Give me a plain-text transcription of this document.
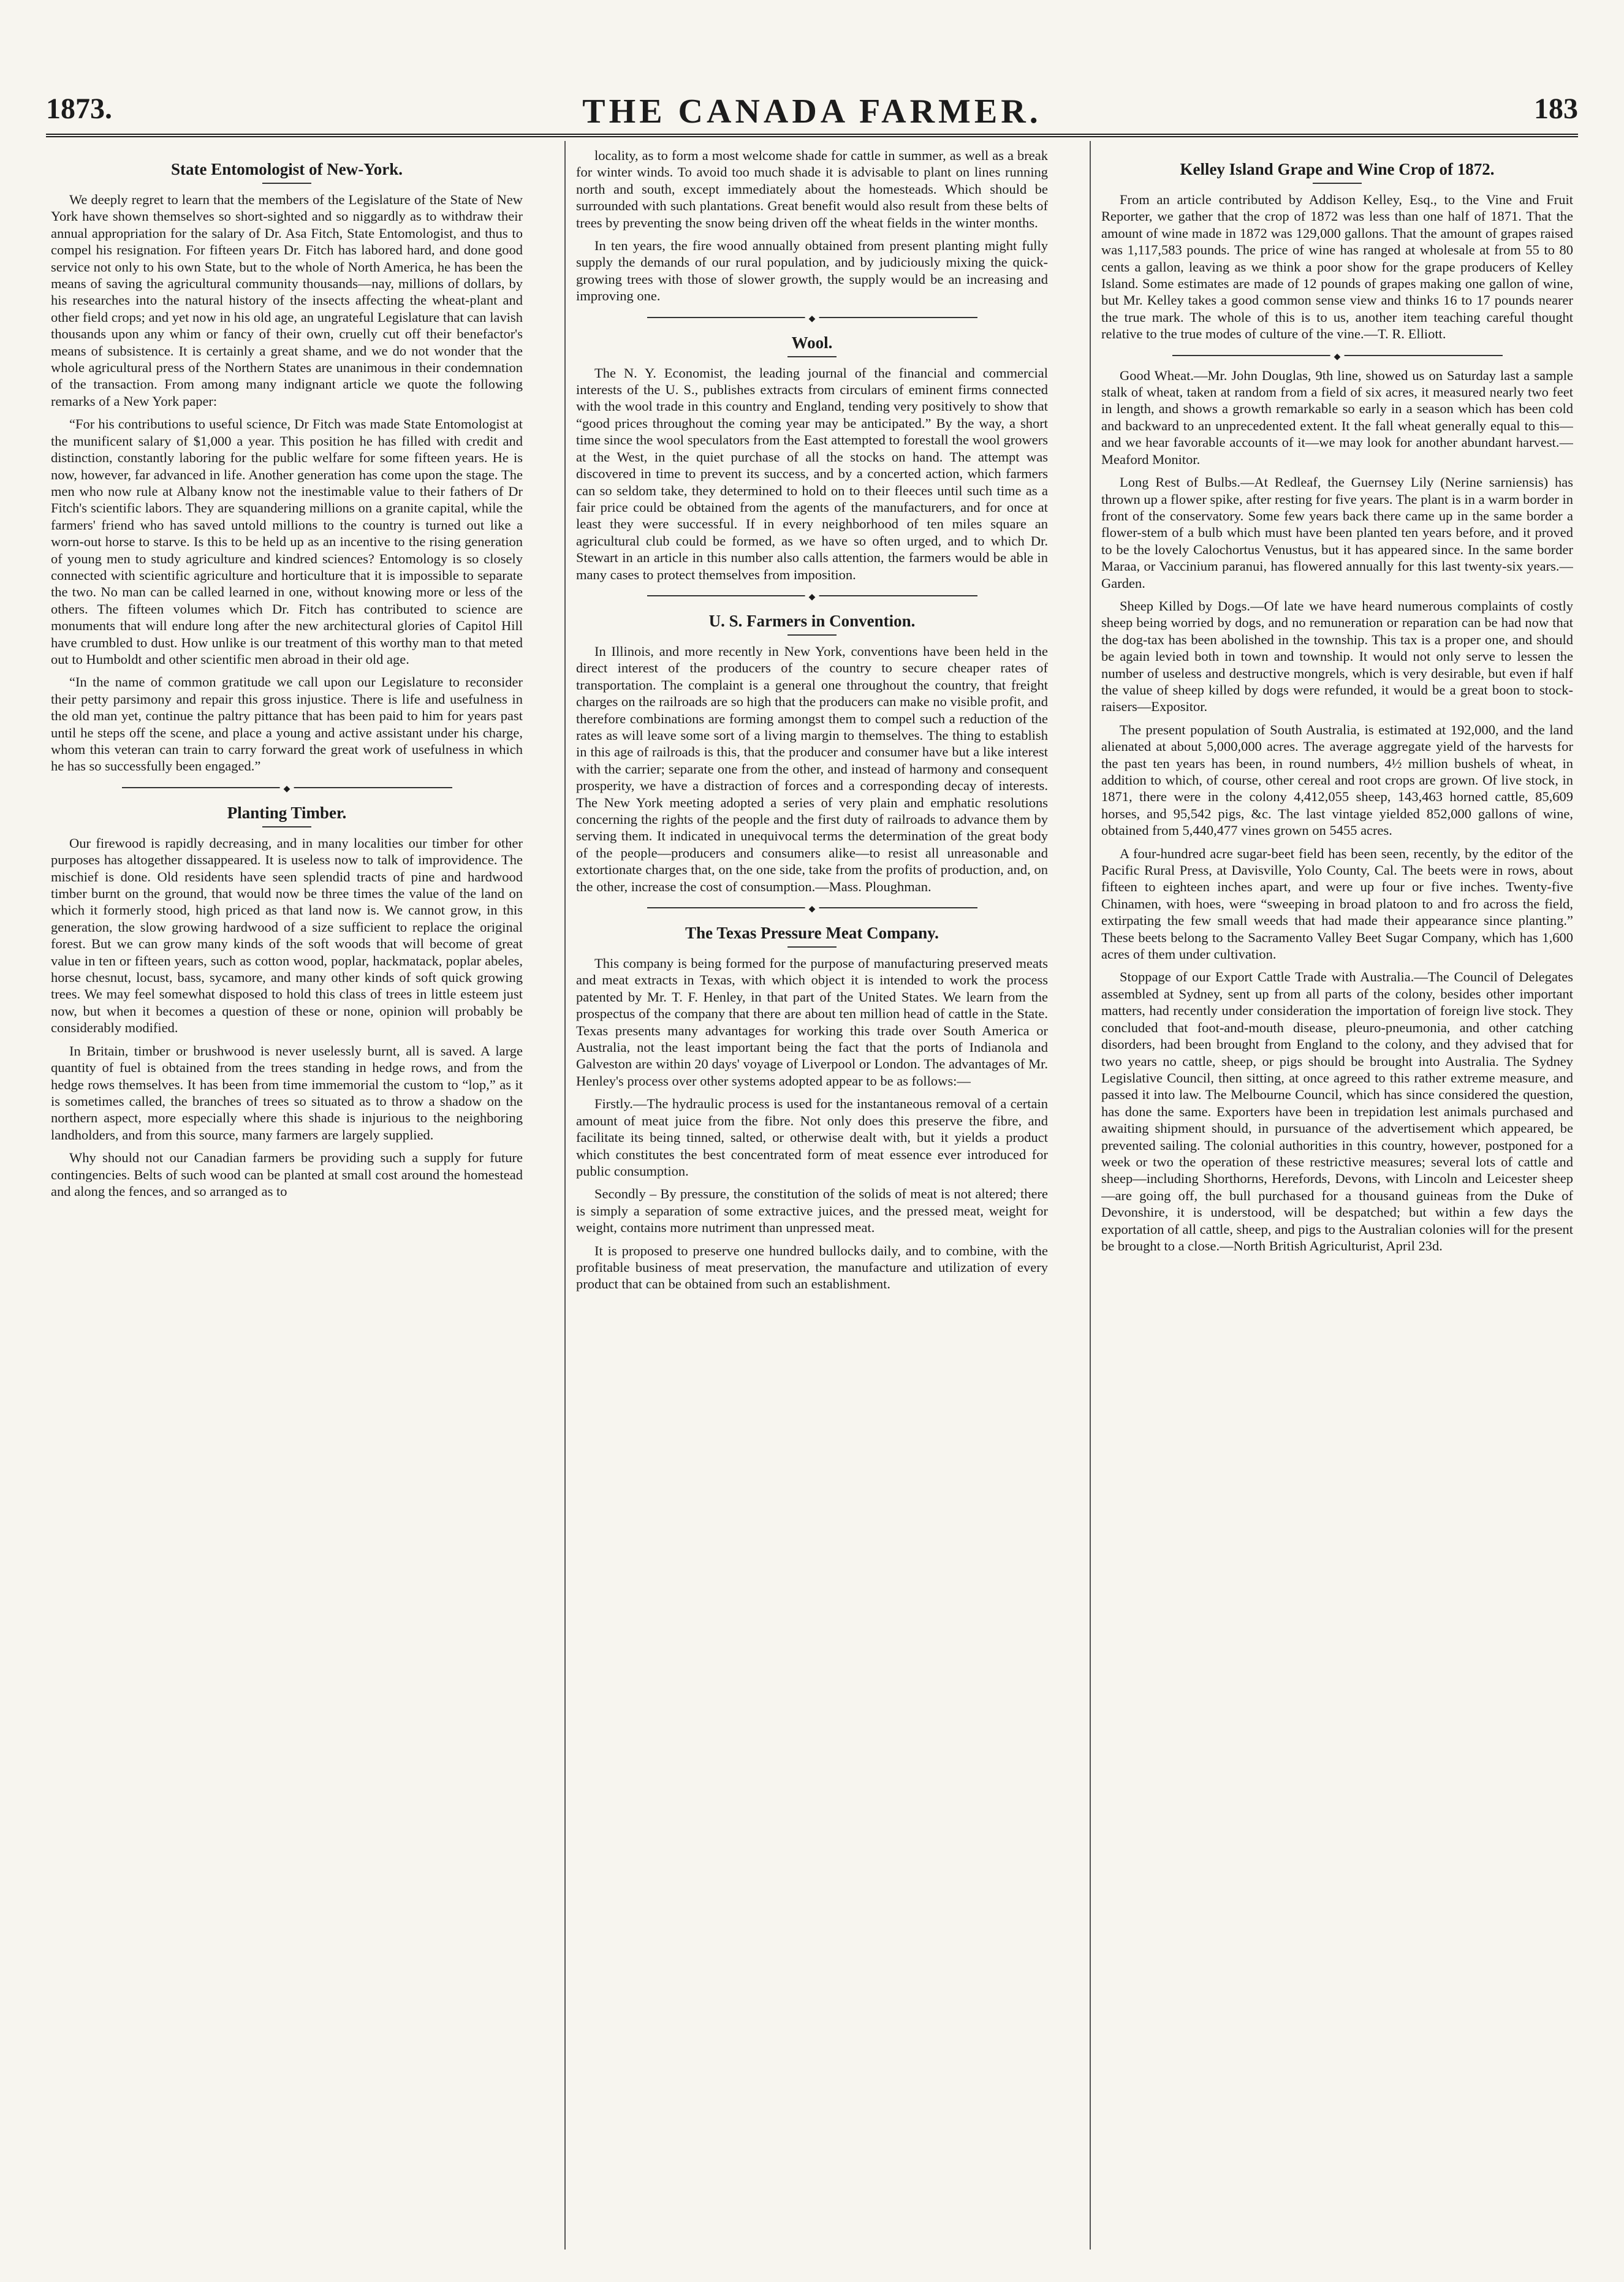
1873.	THE CANADA FARMER.	183
State Entomologist of New-York.

We deeply regret to learn that the members of the Legislature of the State of New York have shown themselves so short-sighted and so niggardly as to withdraw their annual appropriation for the salary of Dr. Asa Fitch, State Entomologist, and thus to compel his resignation. For fifteen years Dr. Fitch has labored hard, and done good service not only to his own State, but to the whole of North America, he has been the means of saving the agricultural community thousands—nay, millions of dollars, by his researches into the natural history of the insects affecting the wheat-plant and other field crops; and yet now in his old age, an ungrateful Legislature that can lavish thousands upon any whim or fancy of their own, cruelly cut off their benefactor's means of subsistence. It is certainly a great shame, and we do not wonder that the whole agricultural press of the Northern States are unanimous in their condemnation of the transaction. From among many indignant article we quote the following remarks of a New York paper:

“For his contributions to useful science, Dr Fitch was made State Entomologist at the munificent salary of $1,000 a year. This position he has filled with credit and distinction, constantly laboring for the public welfare for some fifteen years. He is now, however, far advanced in life. Another generation has come upon the stage. The men who now rule at Albany know not the inestimable value to their fathers of Dr Fitch's scientific labors. They are squandering millions on a granite capital, while the farmers' friend who has saved untold millions to the country is turned out like a worn-out horse to starve. Is this to be held up as an incentive to the rising generation of young men to study agriculture and kindred sciences? Entomology is so closely connected with scientific agriculture and horticulture that it is impossible to separate the two. No man can be called learned in one, without knowing more or less of the others. The fifteen volumes which Dr. Fitch has contributed to science are monuments that will endure long after the new architectural glories of Capitol Hill have crumbled to dust. How unlike is our treatment of this worthy man to that meted out to Humboldt and other scientific men abroad in their old age.

“In the name of common gratitude we call upon our Legislature to reconsider their petty parsimony and repair this gross injustice. There is life and usefulness in the old man yet, continue the paltry pittance that has been paid to him for years past until he steps off the scene, and place a young and active assistant under his charge, whom this veteran can train to carry forward the great work of usefulness in which he has so successfully been engaged.”

◆
Planting Timber.

Our firewood is rapidly decreasing, and in many localities our timber for other purposes has altogether dissappeared. It is useless now to talk of improvidence. The mischief is done. Old residents have seen splendid tracts of pine and hardwood timber burnt on the ground, that would now be three times the value of the land on which it formerly stood, high priced as that land now is. We cannot grow, in this generation, the slow growing hardwood of a size sufficient to replace the original forest. But we can grow many kinds of the soft woods that will become of great value in ten or fifteen years, such as cotton wood, poplar, hackmatack, poplar abeles, horse chesnut, locust, bass, sycamore, and many other kinds of soft quick growing trees. We may feel somewhat disposed to hold this class of trees in little esteem just now, but when it becomes a question of these or none, opinion will probably be considerably modified.

In Britain, timber or brushwood is never uselessly burnt, all is saved. A large quantity of fuel is obtained from the trees standing in hedge rows, and from the hedge rows themselves. It has been from time immemorial the custom to “lop,” as it is sometimes called, the branches of trees so situated as to throw a shadow on the northern aspect, more especially where this shade is injurious to the neighboring landholders, and from this source, many farmers are largely supplied.

Why should not our Canadian farmers be providing such a supply for future contingencies. Belts of such wood can be planted at small cost around the homestead and along the fences, and so arranged as to

locality, as to form a most welcome shade for cattle in summer, as well as a break for winter winds. To avoid too much shade it is advisable to plant on lines running north and south, except immediately about the homesteads. Which should be surrounded with such plantations. Great benefit would also result from these belts of trees by preventing the snow being driven off the wheat fields in the winter months.

In ten years, the fire wood annually obtained from present planting might fully supply the demands of our rural population, and by judiciously mixing the quick-growing trees with those of slower growth, the supply would be an increasing and improving one.

◆
Wool.

The N. Y. Economist, the leading journal of the financial and commercial interests of the U. S., publishes extracts from circulars of eminent firms connected with the wool trade in this country and England, tending very positively to show that “good prices throughout the coming year may be anticipated.” By the way, a short time since the wool speculators from the East attempted to forestall the wool growers at the West, in the quiet purchase of all the stocks on hand. The attempt was discovered in time to prevent its success, and by a concerted action, which farmers can so seldom take, they determined to hold on to their fleeces until such time as a fair price could be obtained from the agents of the manufacturers, and for once at least they were successful. If in every neighborhood of ten miles square an agricultural club could be formed, as we have so often urged, and to which Dr. Stewart in an article in this number also calls attention, the farmers would be able in many cases to protect themselves from imposition.

◆
U. S. Farmers in Convention.

In Illinois, and more recently in New York, conventions have been held in the direct interest of the producers of the country to secure cheaper rates of transportation. The complaint is a general one throughout the country, that freight charges on the railroads are so high that the producers can make no visible profit, and therefore combinations are forming amongst them to compel such a reduction of the rates as will leave some sort of a living margin to themselves. The thing to establish in this age of railroads is this, that the producer and consumer have but a like interest with the carrier; separate one from the other, and instead of harmony and consequent prosperity, we have a distraction of forces and a corresponding decay of interests. The New York meeting adopted a series of very plain and emphatic resolutions concerning the rights of the people and the first duty of railroads to advance them by serving them. It indicated in unequivocal terms the determination of the great body of the people—producers and consumers alike—to resist all unreasonable and extortionate charges that, on the one side, take from the profits of production, and, on the other, increase the cost of consumption.—Mass. Ploughman.

◆
The Texas Pressure Meat Company.

This company is being formed for the purpose of manufacturing preserved meats and meat extracts in Texas, with which object it is intended to work the process patented by Mr. T. F. Henley, in that part of the United States. We learn from the prospectus of the company that there are about ten million head of cattle in the State. Texas presents many advantages for working this trade over South America or Australia, not the least important being the fact that the ports of Indianola and Galveston are within 20 days' voyage of Liverpool or London. The advantages of Mr. Henley's process over other systems adopted appear to be as follows:—

Firstly.—The hydraulic process is used for the instantaneous removal of a certain amount of meat juice from the fibre. Not only does this preserve the fibre, and facilitate its being tinned, salted, or otherwise dealt with, but it yields a product which constitutes the best concentrated form of meat essence ever introduced for public consumption.

Secondly – By pressure, the constitution of the solids of meat is not altered; there is simply a separation of some extractive juices, and the pressed meat, weight for weight, contains more nutriment than unpressed meat.

It is proposed to preserve one hundred bullocks daily, and to combine, with the profitable business of meat preservation, the manufacture and utilization of every product that can be obtained from such an establishment.

Kelley Island Grape and Wine Crop of 1872.

From an article contributed by Addison Kelley, Esq., to the Vine and Fruit Reporter, we gather that the crop of 1872 was less than one half of 1871. That the amount of wine made in 1872 was 129,000 gallons. That the amount of grapes raised was 1,117,583 pounds. The price of wine has ranged at wholesale at from 55 to 80 cents a gallon, leaving as we think a poor show for the grape producers of Kelley Island. Some estimates are made of 12 pounds of grapes making one gallon of wine, but Mr. Kelley takes a good common sense view and thinks 16 to 17 pounds nearer the true mark. The whole of this is to us, another item teaching careful thought relative to the true modes of culture of the vine.—T. R. Elliott.

◆

Good Wheat.—Mr. John Douglas, 9th line, showed us on Saturday last a sample stalk of wheat, taken at random from a field of six acres, it measured nearly two feet in length, and shows a growth remarkable so early in a season which has been cold and backward to an unprecedented extent. It the fall wheat generally equal to this—and we hear favorable accounts of it—we may look for another abundant harvest.—Meaford Monitor.

Long Rest of Bulbs.—At Redleaf, the Guernsey Lily (Nerine sarniensis) has thrown up a flower spike, after resting for five years. The plant is in a warm border in front of the conservatory. Some few years back there came up in the same border a flower-stem of a bulb which must have been planted ten years before, and it proved to be the lovely Calochortus Venustus, but it has appeared since. In the same border Maraa, or Vaccinium paranui, has flowered annually for this last twenty-six years.—Garden.

Sheep Killed by Dogs.—Of late we have heard numerous complaints of costly sheep being worried by dogs, and no remuneration or reparation can be had now that the dog-tax has been abolished in the township. This tax is a proper one, and should be again levied both in town and township. It would not only serve to lessen the number of useless and destructive mongrels, which is very desirable, but even if half the value of sheep killed by dogs were refunded, it would be a great boon to stock-raisers—Expositor.

The present population of South Australia, is estimated at 192,000, and the land alienated at about 5,000,000 acres. The average aggregate yield of the harvests for the past ten years has been, in round numbers, 4½ million bushels of wheat, in addition to which, of course, other cereal and root crops are grown. Of live stock, in 1871, there were in the colony 4,412,055 sheep, 143,463 horned cattle, 85,609 horses, and 95,542 pigs, &c. The last vintage yielded 852,000 gallons of wine, obtained from 5,440,477 vines grown on 5455 acres.

A four-hundred acre sugar-beet field has been seen, recently, by the editor of the Pacific Rural Press, at Davisville, Yolo County, Cal. The beets were in rows, about fifteen to eighteen inches apart, and were up four or five inches. Twenty-five Chinamen, with hoes, were “sweeping in broad platoon to and fro across the field, extirpating the few small weeds that had made their appearance since planting.” These beets belong to the Sacramento Valley Beet Sugar Company, which has 1,600 acres of them under cultivation.

Stoppage of our Export Cattle Trade with Australia.—The Council of Delegates assembled at Sydney, sent up from all parts of the colony, besides other important matters, had recently under consideration the importation of foreign live stock. They concluded that foot-and-mouth disease, pleuro-pneumonia, and other catching disorders, had been brought from England to the colony, and they advised that for two years no cattle, sheep, or pigs should be brought into Australia. The Sydney Legislative Council, then sitting, at once agreed to this rather extreme measure, and passed it into law. The Melbourne Council, which has since considered the question, has done the same. Exporters have been in trepidation lest animals purchased and awaiting shipment should, in pursuance of the advertisement which appeared, be prevented sailing. The colonial authorities in this country, however, postponed for a week or two the operation of these restrictive measures; several lots of cattle and sheep—including Shorthorns, Herefords, Devons, with Lincoln and Leicester sheep—are going off, the bull purchased for a thousand guineas from the Duke of Devonshire, it is understood, will be despatched; but within a few days the exportation of all cattle, sheep, and pigs to the Australian colonies will for the present be brought to a close.—North British Agriculturist, April 23d.
